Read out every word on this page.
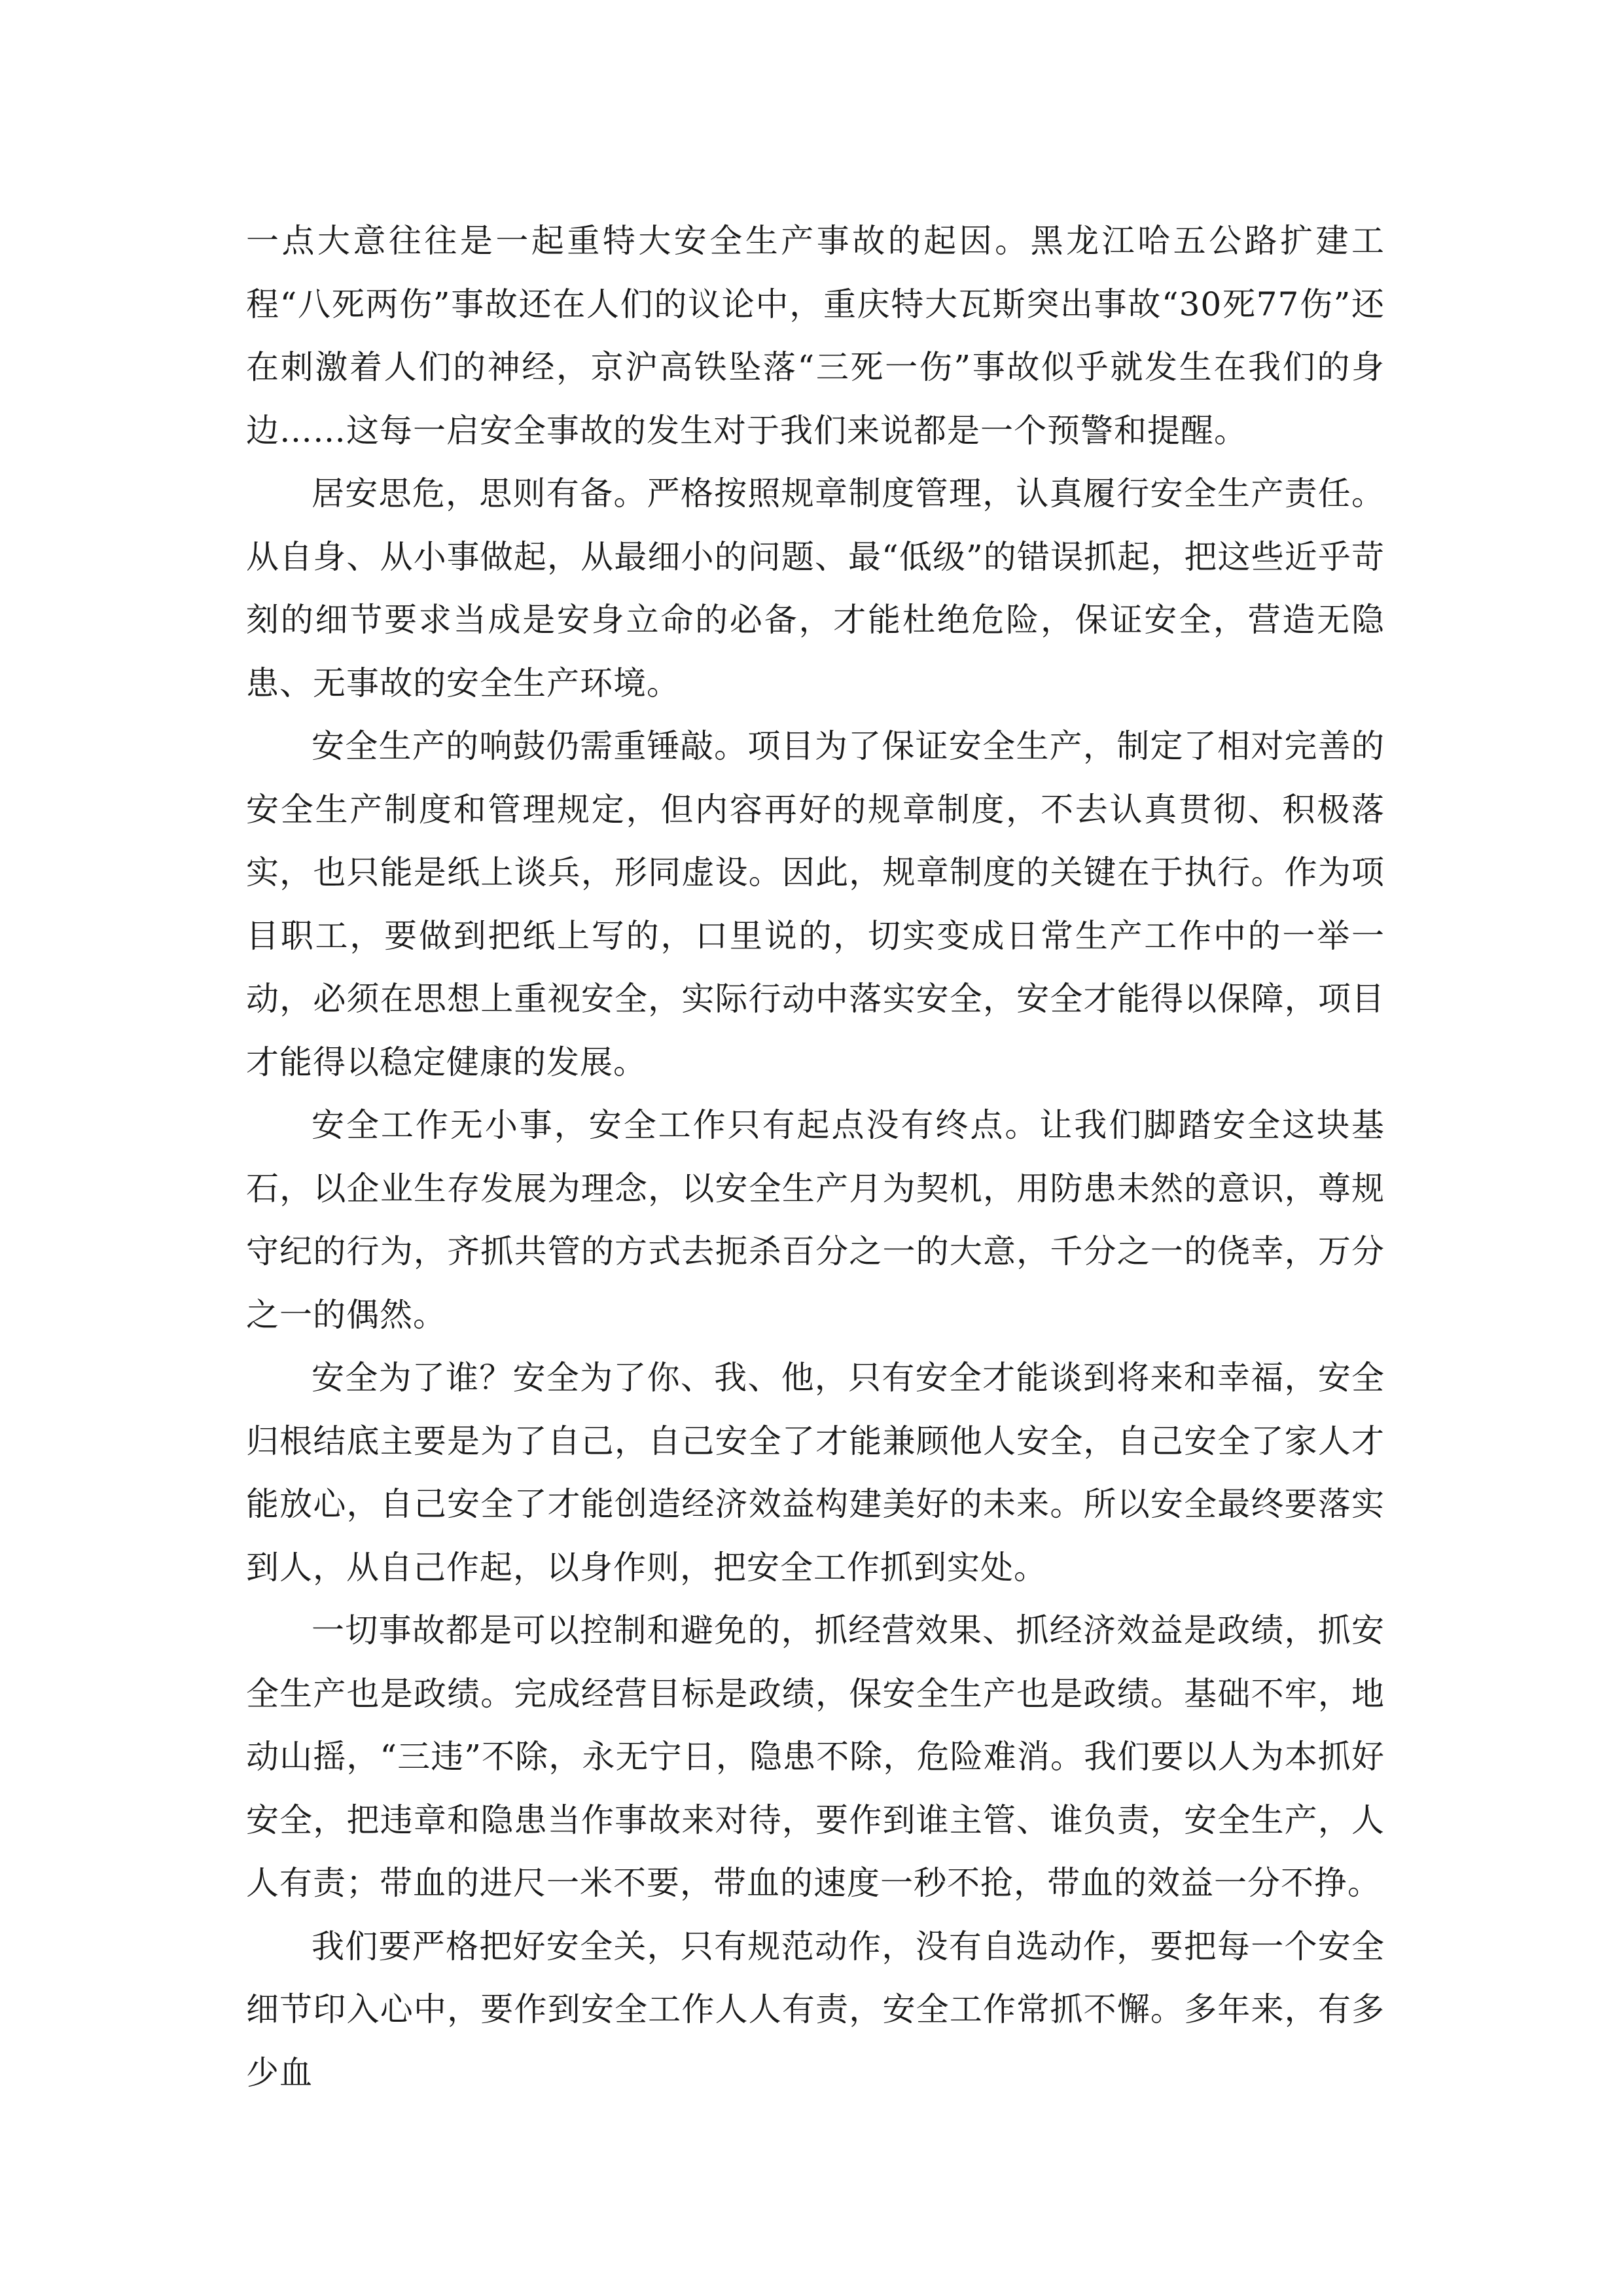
一点大意往往是一起重特大安全生产事故的起因。黑龙江哈五公路扩建工程“八死两伤”事故还在人们的议论中，重庆特大瓦斯突出事故“30死77伤”还在刺激着人们的神经，京沪高铁坠落“三死一伤”事故似乎就发生在我们的身边……这每一启安全事故的发生对于我们来说都是一个预警和提醒。

居安思危，思则有备。严格按照规章制度管理，认真履行安全生产责任。从自身、从小事做起，从最细小的问题、最“低级”的错误抓起，把这些近乎苛刻的细节要求当成是安身立命的必备，才能杜绝危险，保证安全，营造无隐患、无事故的安全生产环境。

安全生产的响鼓仍需重锤敲。项目为了保证安全生产，制定了相对完善的安全生产制度和管理规定，但内容再好的规章制度，不去认真贯彻、积极落实，也只能是纸上谈兵，形同虚设。因此，规章制度的关键在于执行。作为项目职工，要做到把纸上写的，口里说的，切实变成日常生产工作中的一举一动，必须在思想上重视安全，实际行动中落实安全，安全才能得以保障，项目才能得以稳定健康的发展。

安全工作无小事，安全工作只有起点没有终点。让我们脚踏安全这块基石，以企业生存发展为理念，以安全生产月为契机，用防患未然的意识，尊规守纪的行为，齐抓共管的方式去扼杀百分之一的大意，千分之一的侥幸，万分之一的偶然。

安全为了谁？安全为了你、我、他，只有安全才能谈到将来和幸福，安全归根结底主要是为了自己，自己安全了才能兼顾他人安全，自己安全了家人才能放心，自己安全了才能创造经济效益构建美好的未来。所以安全最终要落实到人，从自己作起，以身作则，把安全工作抓到实处。

一切事故都是可以控制和避免的，抓经营效果、抓经济效益是政绩，抓安全生产也是政绩。完成经营目标是政绩，保安全生产也是政绩。基础不牢，地动山摇，“三违”不除，永无宁日，隐患不除，危险难消。我们要以人为本抓好安全，把违章和隐患当作事故来对待，要作到谁主管、谁负责，安全生产，人人有责；带血的进尺一米不要，带血的速度一秒不抢，带血的效益一分不挣。

我们要严格把好安全关，只有规范动作，没有自选动作，要把每一个安全细节印入心中，要作到安全工作人人有责，安全工作常抓不懈。多年来，有多少血
